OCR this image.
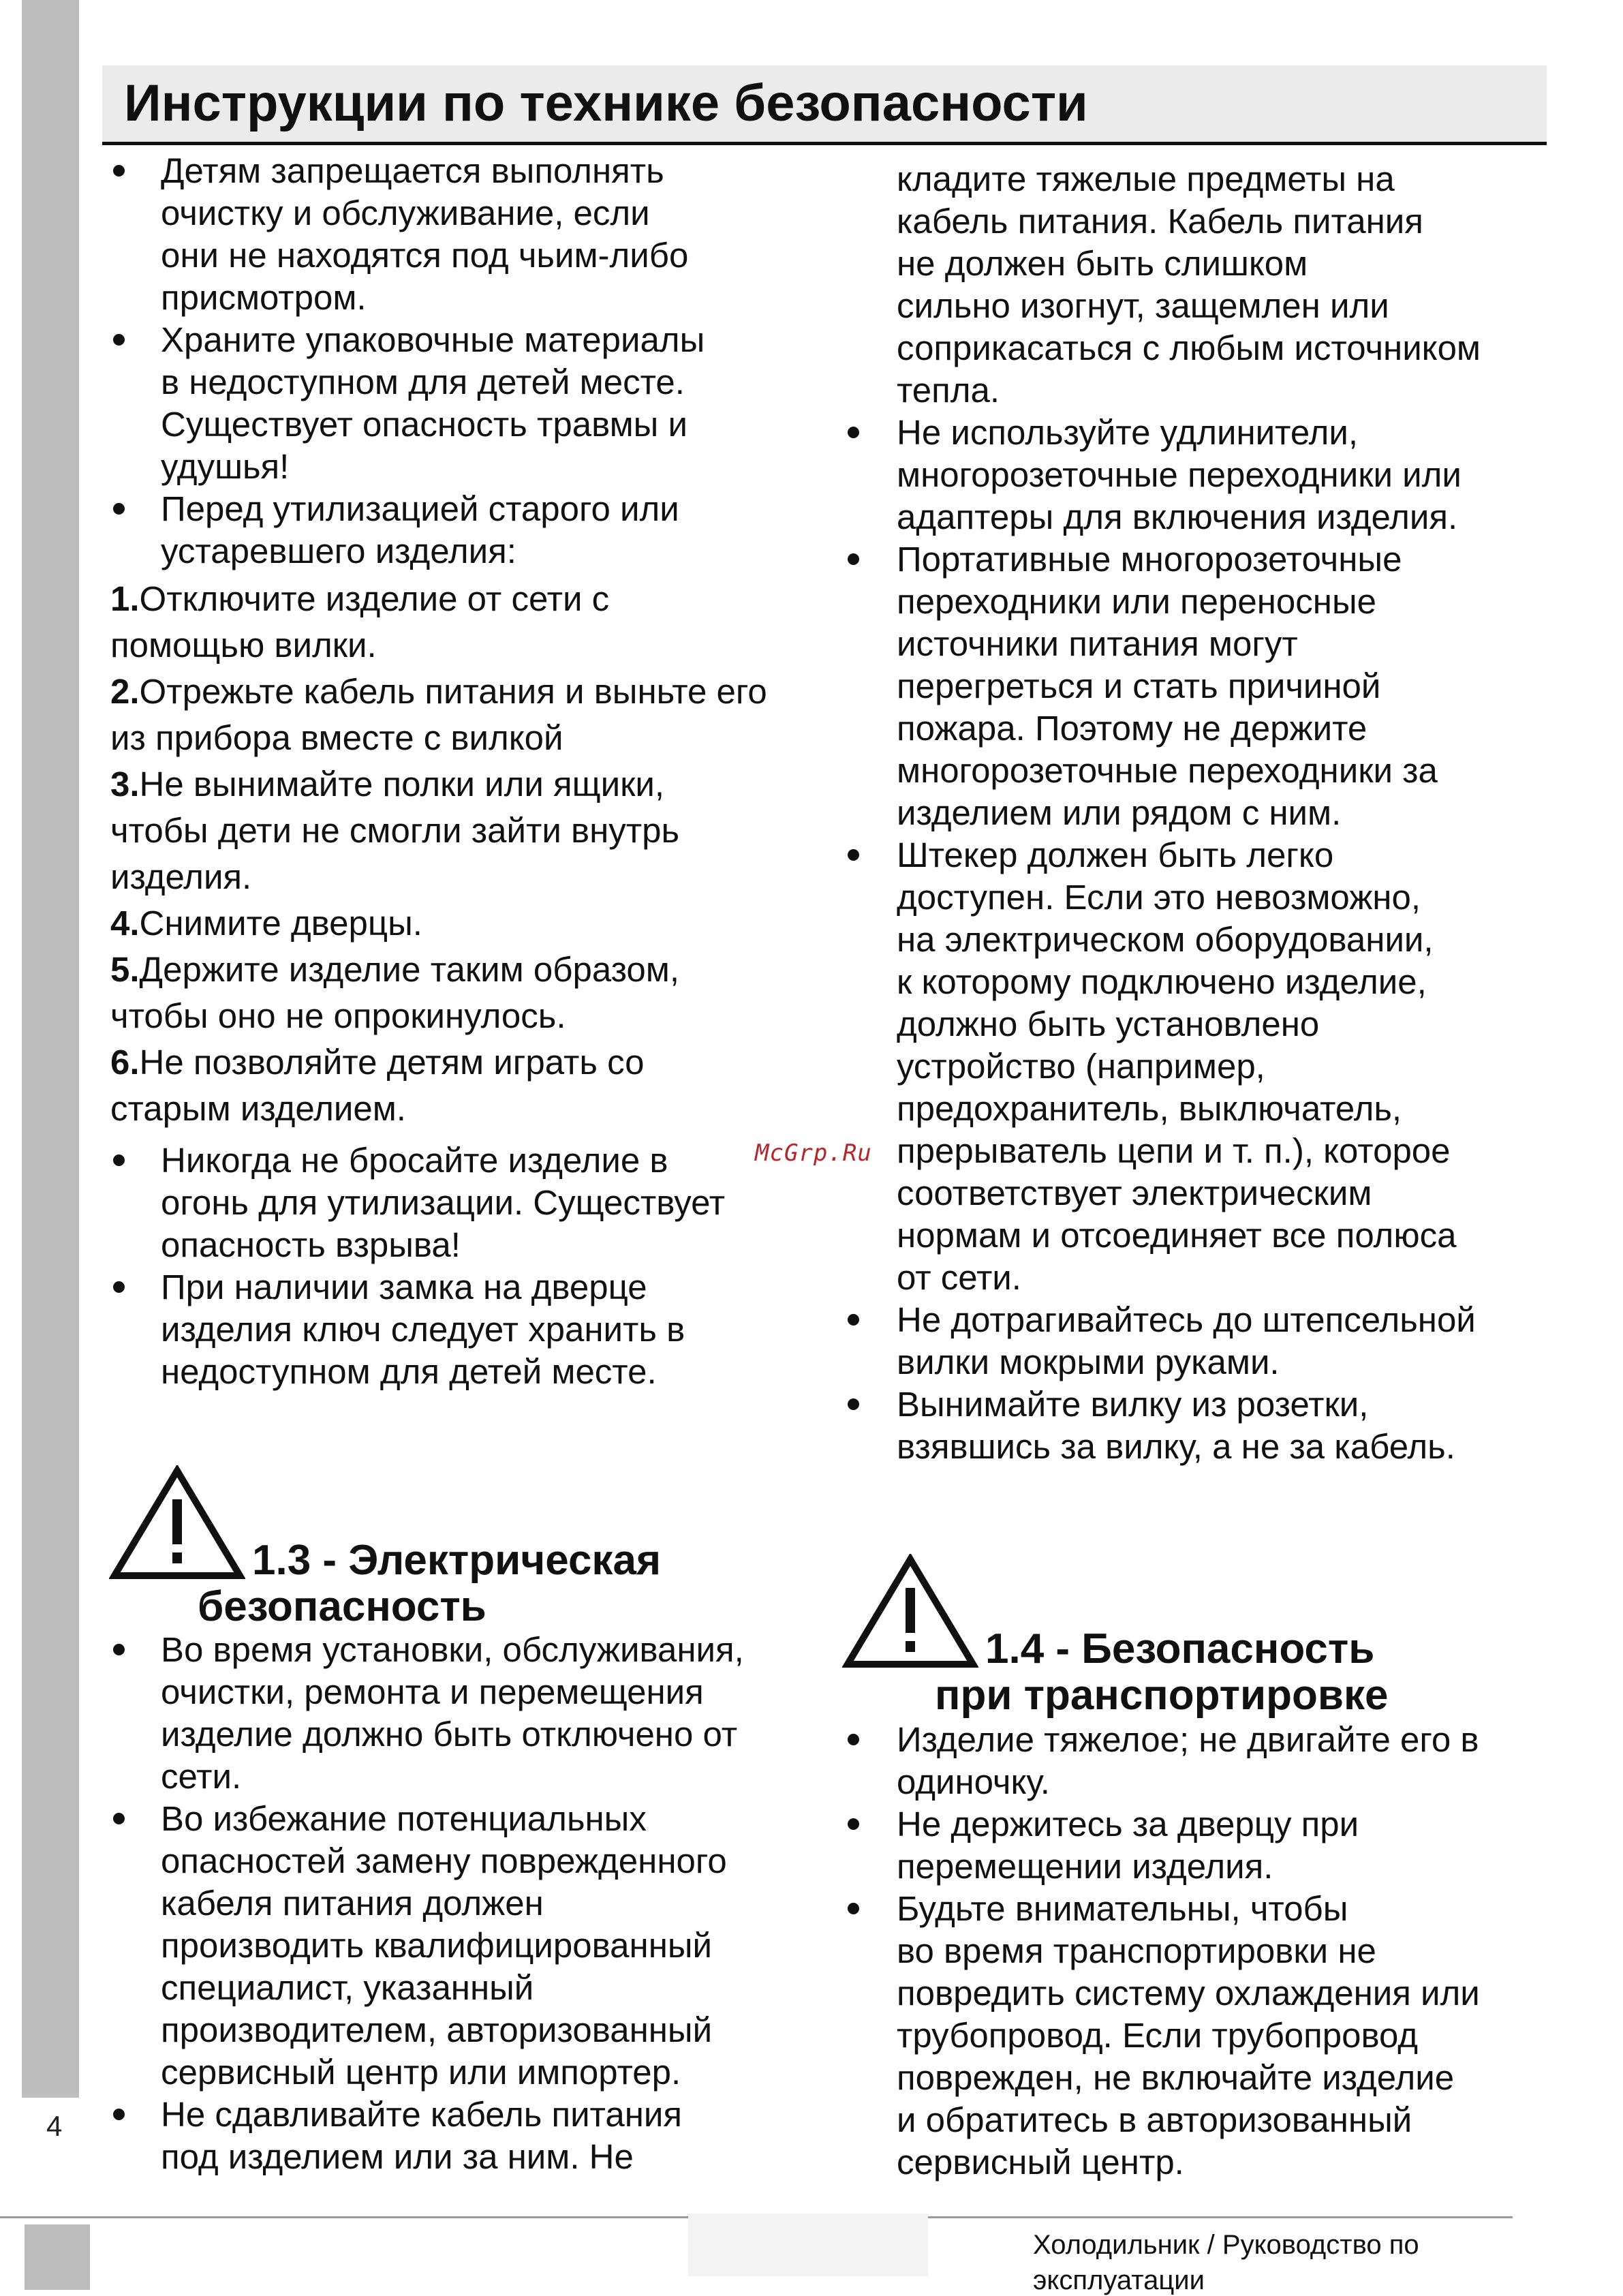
4
Инструкции по технике безопасности
Детям запрещается выполнять
очистку и обслуживание, если
они не находятся под чьим-либо
присмотром.
Храните упаковочные материалы
в недоступном для детей месте.
Существует опасность травмы и
удушья!
Перед утилизацией старого или
устаревшего изделия:
1.Отключите изделие от сети с
помощью вилки.
2.Отрежьте кабель питания и выньте его
из прибора вместе с вилкой
3.Не вынимайте полки или ящики,
чтобы дети не смогли зайти внутрь
изделия.
4.Снимите дверцы.
5.Держите изделие таким образом,
чтобы оно не опрокинулось.
6.Не позволяйте детям играть со
старым изделием.
Никогда не бросайте изделие в
огонь для утилизации. Существует
опасность взрыва!
При наличии замка на дверце
изделия ключ следует хранить в
недоступном для детей месте.
Во время установки, обслуживания,
очистки, ремонта и перемещения
изделие должно быть отключено от
сети.
Во избежание потенциальных
опасностей замену поврежденного
кабеля питания должен
производить квалифицированный
специалист, указанный
производителем, авторизованный
сервисный центр или импортер.
Не сдавливайте кабель питания
под изделием или за ним. Не
1.3 - Электрическая
безопасность
кладите тяжелые предметы на
кабель питания. Кабель питания
не должен быть слишком
сильно изогнут, защемлен или
соприкасаться с любым источником
тепла.
Не используйте удлинители,
многорозеточные переходники или
адаптеры для включения изделия.
Портативные многорозеточные
переходники или переносные
источники питания могут
перегреться и стать причиной
пожара. Поэтому не держите
многорозеточные переходники за
изделием или рядом с ним.
Штекер должен быть легко
доступен. Если это невозможно,
на электрическом оборудовании,
к которому подключено изделие,
должно быть установлено
устройство (например,
предохранитель, выключатель,
прерыватель цепи и т. п.), которое
соответствует электрическим
нормам и отсоединяет все полюса
от сети.
Не дотрагивайтесь до штепсельной
вилки мокрыми руками.
Вынимайте вилку из розетки,
взявшись за вилку, а не за кабель.
Изделие тяжелое; не двигайте его в
одиночку.
Не держитесь за дверцу при
перемещении изделия.
Будьте внимательны, чтобы
во время транспортировки не
повредить систему охлаждения или
трубопровод. Если трубопровод
поврежден, не включайте изделие
и обратитесь в авторизованный
сервисный центр.
1.4 - Безопасность
при транспортировке
McGrp.Ru
Холодильник / Руководство по
эксплуатации
